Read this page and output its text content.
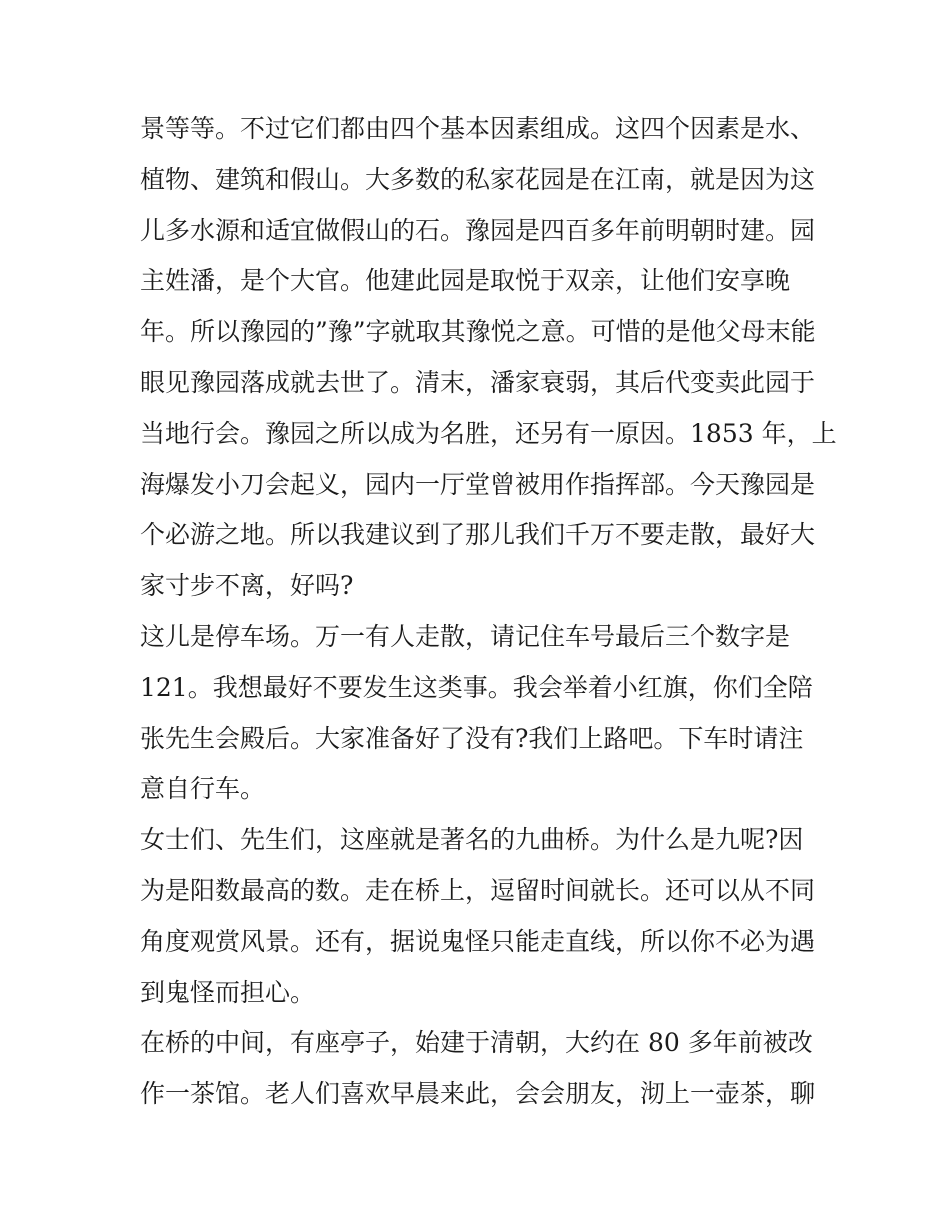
景等等。不过它们都由四个基本因素组成。这四个因素是水、
植物、建筑和假山。大多数的私家花园是在江南，就是因为这
儿多水源和适宜做假山的石。豫园是四百多年前明朝时建。园
主姓潘，是个大官。他建此园是取悦于双亲，让他们安享晚
年。所以豫园的”豫”字就取其豫悦之意。可惜的是他父母末能
眼见豫园落成就去世了。清末，潘家衰弱，其后代变卖此园于
当地行会。豫园之所以成为名胜，还另有一原因。1853 年，上
海爆发小刀会起义，园内一厅堂曾被用作指挥部。今天豫园是
个必游之地。所以我建议到了那儿我们千万不要走散，最好大
家寸步不离，好吗?
这儿是停车场。万一有人走散，请记住车号最后三个数字是
121。我想最好不要发生这类事。我会举着小红旗，你们全陪
张先生会殿后。大家准备好了没有?我们上路吧。下车时请注
意自行车。
女士们、先生们，这座就是著名的九曲桥。为什么是九呢?因
为是阳数最高的数。走在桥上，逗留时间就长。还可以从不同
角度观赏风景。还有，据说鬼怪只能走直线，所以你不必为遇
到鬼怪而担心。
在桥的中间，有座亭子，始建于清朝，大约在 80 多年前被改
作一茶馆。老人们喜欢早晨来此，会会朋友，沏上一壶茶，聊
